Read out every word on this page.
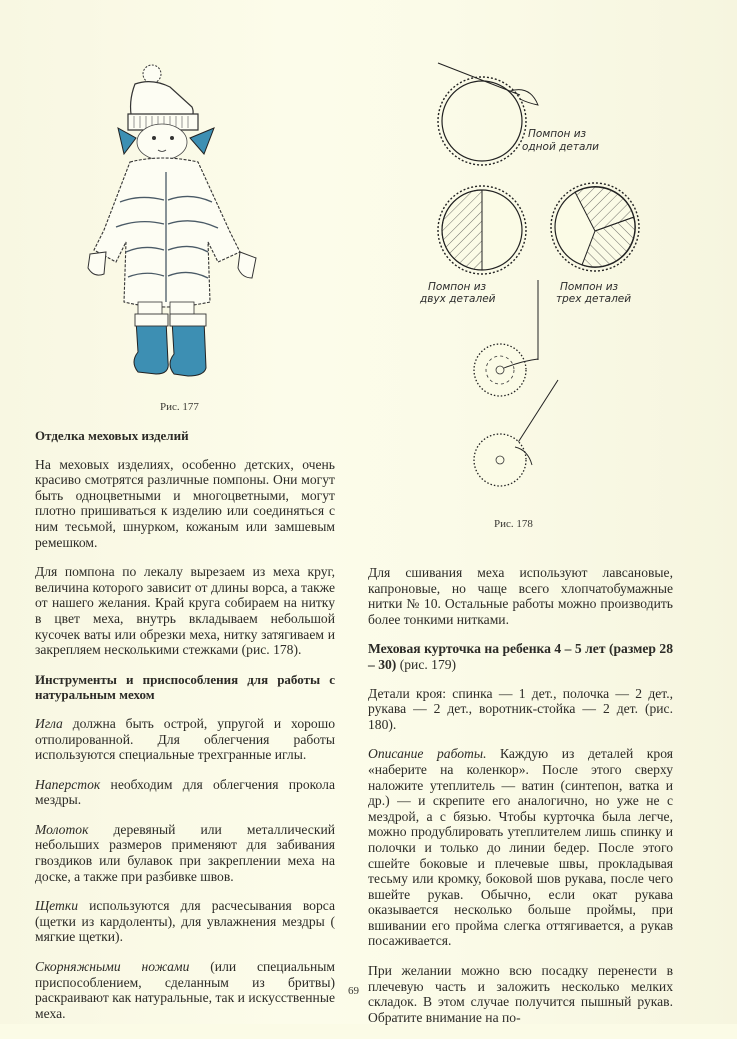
Рис. 177
Помпон из
одной детали
Помпон из
двух деталей
Помпон из
трех деталей
Рис. 178
Отделка меховых изделий

На меховых изделиях, особенно детских, очень красиво смотрятся различные помпоны. Они могут быть одноцветными и многоцветными, могут плотно пришиваться к изделию или соединяться с ним тесьмой, шнурком, кожаным или замшевым ремешком.

Для помпона по лекалу вырезаем из меха круг, величина которого зависит от длины ворса, а также от нашего желания. Край круга собираем на нитку в цвет меха, внутрь вкладываем небольшой кусочек ваты или обрезки меха, нитку затягиваем и закрепляем несколькими стежками (рис. 178).

Инструменты и приспособления для работы с натуральным мехом

Игла должна быть острой, упругой и хорошо отполированной. Для облегчения работы используются специальные трехгранные иглы.

Наперсток необходим для облегчения прокола мездры.

Молоток деревяный или металлический небольших размеров применяют для забивания гвоздиков или булавок при закреплении меха на доске, а также при разбивке швов.

Щетки используются для расчесывания ворса (щетки из кардоленты), для увлажнения мездры ( мягкие щетки).

Скорняжными ножами (или специальным приспособлением, сделанным из бритвы) раскраивают как натуральные, так и искусственные меха.

Для сшивания меха используют лавсановые, капроновые, но чаще всего хлопчатобумажные нитки № 10. Остальные работы можно производить более тонкими нитками.

Меховая курточка на ребенка 4 – 5 лет (размер 28 – 30) (рис. 179)

Детали кроя: спинка — 1 дет., полочка — 2 дет., рукава — 2 дет., воротник-стойка — 2 дет. (рис. 180).

Описание работы. Каждую из деталей кроя «наберите на коленкор». После этого сверху наложите утеплитель — ватин (синтепон, ватка и др.) — и скрепите его аналогично, но уже не с мездрой, а с бязью. Чтобы курточка была легче, можно продублировать утеплителем лишь спинку и полочки и только до линии бедер. После этого сшейте боковые и плечевые швы, прокладывая тесьму или кромку, боковой шов рукава, после чего вшейте рукав. Обычно, если окат рукава оказывается несколько больше проймы, при вшивании его пройма слегка оттягивается, а рукав посаживается.

При желании можно всю посадку перенести в плечевую часть и заложить несколько мелких складок. В этом случае получится пышный рукав. Обратите внимание на по-

69
